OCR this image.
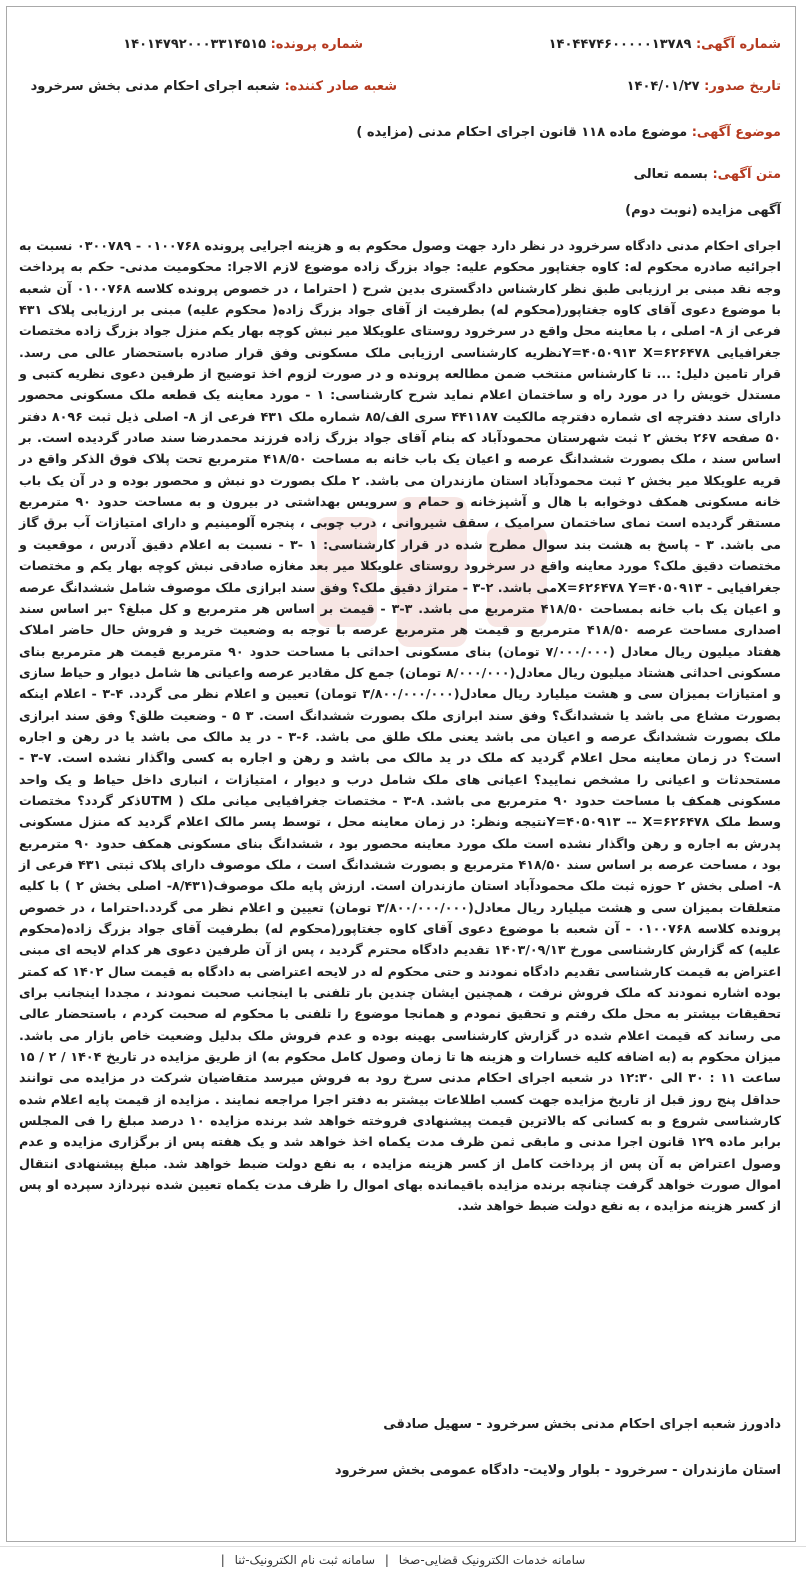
شماره آگهی: ۱۴۰۴۴۷۴۶۰۰۰۰۰۱۳۷۸۹
شماره پرونده: ۱۴۰۱۴۷۹۲۰۰۰۳۳۱۴۵۱۵
تاریخ صدور: ۱۴۰۴/۰۱/۲۷
شعبه صادر کننده: شعبه اجرای احکام مدنی بخش سرخرود
موضوع آگهی: موضوع ماده ۱۱۸ قانون اجرای احکام مدنی (مزایده )
متن آگهی: بسمه تعالی
آگهی مزایده (نوبت دوم)

اجرای احکام مدنی دادگاه سرخرود در نظر دارد جهت وصول محکوم به و هزینه اجرایی پرونده ۰۱۰۰۷۶۸ - ۰۳۰۰۷۸۹ نسبت به اجرائیه صادره محکوم له: کاوه جغتاپور محکوم علیه: جواد بزرگ زاده موضوع لازم الاجرا: محکومیت مدنی- حکم به پرداخت وجه نقد مبنی بر ارزیابی طبق نظر کارشناس دادگستری بدین شرح ( احتراما ، در خصوص پرونده کلاسه ۰۱۰۰۷۶۸ آن شعبه با موضوع دعوی آقای کاوه جغتاپور(محکوم له) بطرفیت از آقای جواد بزرگ زاده( محکوم علیه) مبنی بر ارزیابی پلاک ۴۳۱ فرعی از ۸- اصلی ، با معاینه محل واقع در سرخرود روستای علویکلا میر نبش کوچه بهار یکم منزل جواد بزرگ زاده مختصات جغرافیایی Y=۴۰۵۰۹۱۳ X=۶۲۶۴۷۸نظریه کارشناسی ارزیابی ملک مسکونی وفق قرار صادره باستحضار عالی می رسد. قرار تامین دلیل: ... تا کارشناس منتخب ضمن مطالعه پرونده و در صورت لزوم اخذ توضیح از طرفین دعوی نظریه کتبی و مستدل خویش را در مورد راه و ساختمان اعلام نماید شرح کارشناسی: ۱ - مورد معاینه یک قطعه ملک مسکونی محصور دارای سند دفترچه ای شماره دفترچه مالکیت ۴۴۱۱۸۷ سری الف/۸۵ شماره ملک ۴۳۱ فرعی از ۸- اصلی ذیل ثبت ۸۰۹۶ دفتر ۵۰ صفحه ۲۶۷ بخش ۲ ثبت شهرستان محمودآباد که بنام آقای جواد بزرگ زاده فرزند محمدرضا سند صادر گردیده است. بر اساس سند ، ملک بصورت ششدانگ عرصه و اعیان یک باب خانه به مساحت ۴۱۸/۵۰ مترمربع تحت پلاک فوق الذکر واقع در قریه علویکلا میر بخش ۲ ثبت محمودآباد استان مازندران می باشد. ۲ ملک بصورت دو نبش و محصور بوده و در آن یک باب خانه مسکونی همکف دوخوابه با هال و آشپزخانه و حمام و سرویس بهداشتی در بیرون و به مساحت حدود ۹۰ مترمربع مستقر گردیده است نمای ساختمان سرامیک ، سقف شیروانی ، درب چوبی ، پنجره آلومینیم و دارای امتیازات آب برق گاز می باشد. ۳ - پاسخ به هشت بند سوال مطرح شده در قرار کارشناسی: ۱ -۳ - نسبت به اعلام دقیق آدرس ، موقعیت و مختصات دقیق ملک؟ مورد معاینه واقع در سرخرود روستای علویکلا میر بعد مغازه صادقی نبش کوچه بهار یکم و مختصات جغرافیایی - X=۶۲۶۴۷۸ Y=۴۰۵۰۹۱۳می باشد. ۲-۳ - متراژ دقیق ملک؟ وفق سند ابرازی ملک موصوف شامل ششدانگ عرصه و اعیان یک باب خانه بمساحت ۴۱۸/۵۰ مترمربع می باشد. ۳-۳ - قیمت بر اساس هر مترمربع و کل مبلغ؟ -بر اساس سند اصداری مساحت عرصه ۴۱۸/۵۰ مترمربع و قیمت هر مترمربع عرصه با توجه به وضعیت خرید و فروش حال حاضر املاک هفتاد میلیون ریال معادل (۷/۰۰۰/۰۰۰ تومان) بنای مسکونی احداثی با مساحت حدود ۹۰ مترمربع قیمت هر مترمربع بنای مسکونی احداثی هشتاد میلیون ریال معادل(۸/۰۰۰/۰۰۰ تومان) جمع کل مقادیر عرصه واعیانی ها شامل دیوار و حیاط سازی و امتیازات بمیزان سی و هشت میلیارد ریال معادل(۳/۸۰۰/۰۰۰/۰۰۰ تومان) تعیین و اعلام نظر می گردد. ۴-۳ - اعلام اینکه بصورت مشاع می باشد یا ششدانگ؟ وفق سند ابرازی ملک بصورت ششدانگ است. ۳ ۵ - وضعیت طلق؟ وفق سند ابرازی ملک بصورت ششدانگ عرصه و اعیان می باشد یعنی ملک طلق می باشد. ۶-۳ - در ید مالک می باشد یا در رهن و اجاره است؟ در زمان معاینه محل اعلام گردید که ملک در ید مالک می باشد و رهن و اجاره به کسی واگذار نشده است. ۷-۳ - مستحدثات و اعیانی را مشخص نمایید؟ اعیانی های ملک شامل درب و دیوار ، امتیازات ، انباری داخل حیاط و یک واحد مسکونی همکف با مساحت حدود ۹۰ مترمربع می باشد. ۸-۳ - مختصات جغرافیایی میانی ملک ( UTMذکر گردد؟ مختصات وسط ملک Y=۴۰۵۰۹۱۳ -- X=۶۲۶۴۷۸نتیجه ونظر: در زمان معاینه محل ، توسط پسر مالک اعلام گردید که منزل مسکونی پدرش به اجاره و رهن واگذار نشده است ملک مورد معاینه محصور بود ، ششدانگ بنای مسکونی همکف حدود ۹۰ مترمربع بود ، مساحت عرصه بر اساس سند ۴۱۸/۵۰ مترمربع و بصورت ششدانگ است ، ملک موصوف دارای پلاک ثبتی ۴۳۱ فرعی از ۸- اصلی بخش ۲ حوزه ثبت ملک محمودآباد استان مازندران است. ارزش پایه ملک موصوف(۸/۴۳۱- اصلی بخش ۲ ) با کلیه متعلقات بمیزان سی و هشت میلیارد ریال معادل(۳/۸۰۰/۰۰۰/۰۰۰ تومان) تعیین و اعلام نظر می گردد.احتراما ، در خصوص پرونده کلاسه ۰۱۰۰۷۶۸ - آن شعبه با موضوع دعوی آقای کاوه جغتاپور(محکوم له) بطرفیت آقای جواد بزرگ زاده(محکوم علیه) که گزارش کارشناسی مورخ ۱۴۰۳/۰۹/۱۳ تقدیم دادگاه محترم گردید ، پس از آن طرفین دعوی هر کدام لایحه ای مبنی اعتراض به قیمت کارشناسی تقدیم دادگاه نمودند و حتی محکوم له در لایحه اعتراضی به دادگاه به قیمت سال ۱۴۰۲ که کمتر بوده اشاره نمودند که ملک فروش نرفت ، همچنین ایشان چندین بار تلفنی با اینجانب صحبت نمودند ، مجددا اینجانب برای تحقیقات بیشتر به محل ملک رفتم و تحقیق نمودم و همانجا موضوع را تلفنی با محکوم له صحبت کردم ، باستحضار عالی می رساند که قیمت اعلام شده در گزارش کارشناسی بهینه بوده و عدم فروش ملک بدلیل وضعیت خاص بازار می باشد. میزان محکوم به (به اضافه کلیه خسارات و هزینه ها تا زمان وصول کامل محکوم به) از طریق مزایده در تاریخ ۱۴۰۴ / ۲ / ۱۵ ساعت ۱۱ : ۳۰ الی ۱۲:۳۰ در شعبه اجرای احکام مدنی سرخ رود به فروش میرسد متقاضیان شرکت در مزایده می توانند حداقل پنج روز قبل از تاریخ مزایده جهت کسب اطلاعات بیشتر به دفتر اجرا مراجعه نمایند . مزایده از قیمت پایه اعلام شده کارشناسی شروع و به کسانی که بالاترین قیمت پیشنهادی فروخته خواهد شد برنده مزایده ۱۰ درصد مبلغ را فی المجلس برابر ماده ۱۲۹ قانون اجرا مدنی و مابقی ثمن ظرف مدت یکماه اخذ خواهد شد و یک هفته پس از برگزاری مزایده و عدم وصول اعتراض به آن پس از پرداخت کامل از کسر هزینه مزایده ، به نفع دولت ضبط خواهد شد. مبلغ پیشنهادی انتقال اموال صورت خواهد گرفت چنانچه برنده مزایده باقیمانده بهای اموال را ظرف مدت یکماه تعیین شده نپردازد سپرده او پس از کسر هزینه مزایده ، به نفع دولت ضبط خواهد شد.

دادورز شعبه اجرای احکام مدنی بخش سرخرود - سهیل صادقی
استان مازندران - سرخرود - بلوار ولایت- دادگاه عمومی بخش سرخرود
سامانه خدمات الکترونیک قضایی-صخا | سامانه ثبت نام الکترونیک-ثنا |
